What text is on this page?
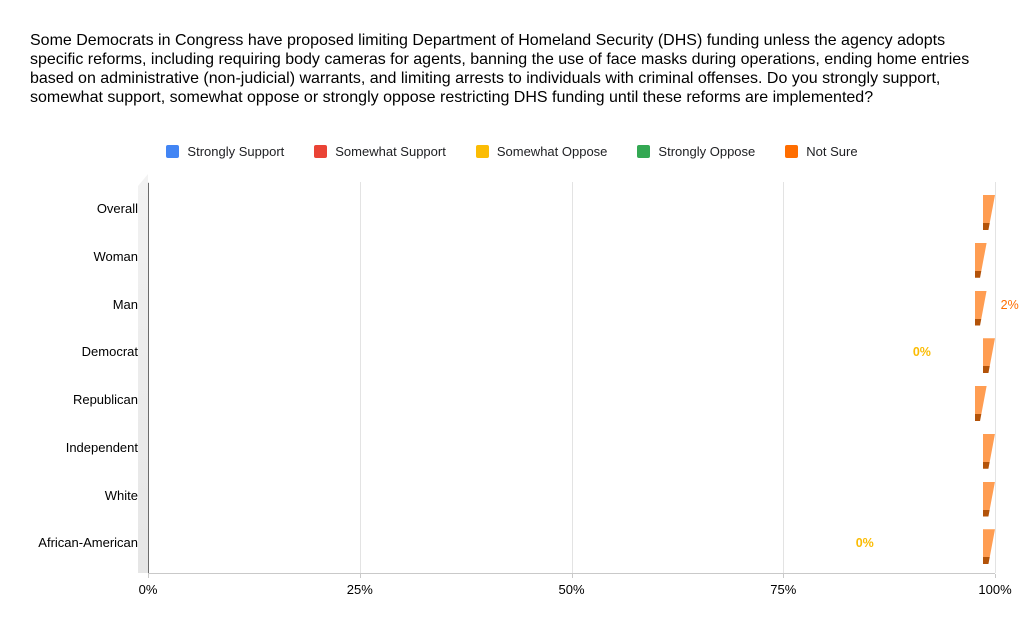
Some Democrats in Congress have proposed limiting Department of Homeland Security (DHS) funding unless the agency adopts specific reforms, including requiring body cameras for agents, banning the use of face masks during operations, ending home entries based on administrative (non-judicial) warrants, and limiting arrests to individuals with criminal offenses. Do you strongly support, somewhat support, somewhat oppose or strongly oppose restricting DHS funding until these reforms are implemented?
Strongly Support	Somewhat Support	Somewhat Oppose	Strongly Oppose	Not Sure
2%
0%
0%
Overall
Woman
Man
Democrat
Republican
Independent
White
African-American
0%	25%	50%	75%	100%
